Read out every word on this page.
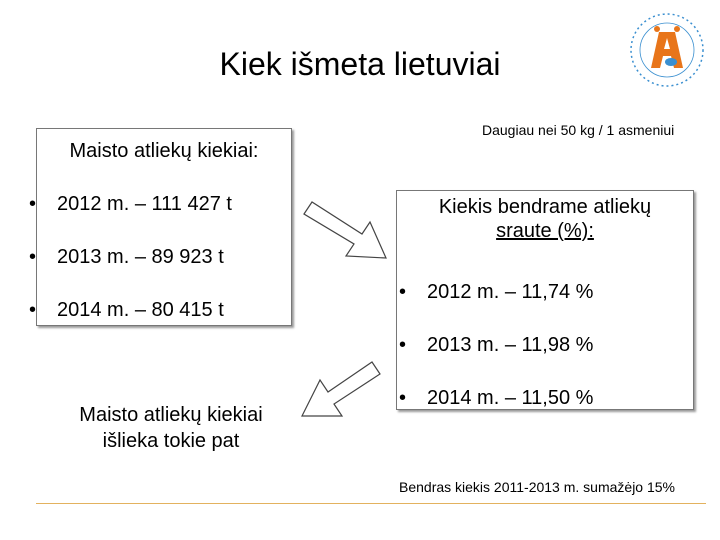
Kiek išmeta lietuviai
Daugiau nei 50 kg / 1 asmeniui
Maisto atliekų kiekiai:
• 2012 m. – 111 427 t
• 2013 m. – 89 923 t
• 2014 m. – 80 415 t
Kiekis bendrame atliekų
sraute (%):
• 2012 m. – 11,74 %
• 2013 m. – 11,98 %
• 2014 m. – 11,50 %
Maisto atliekų kiekiai
išlieka tokie pat
Bendras kiekis 2011-2013 m. sumažėjo 15%
